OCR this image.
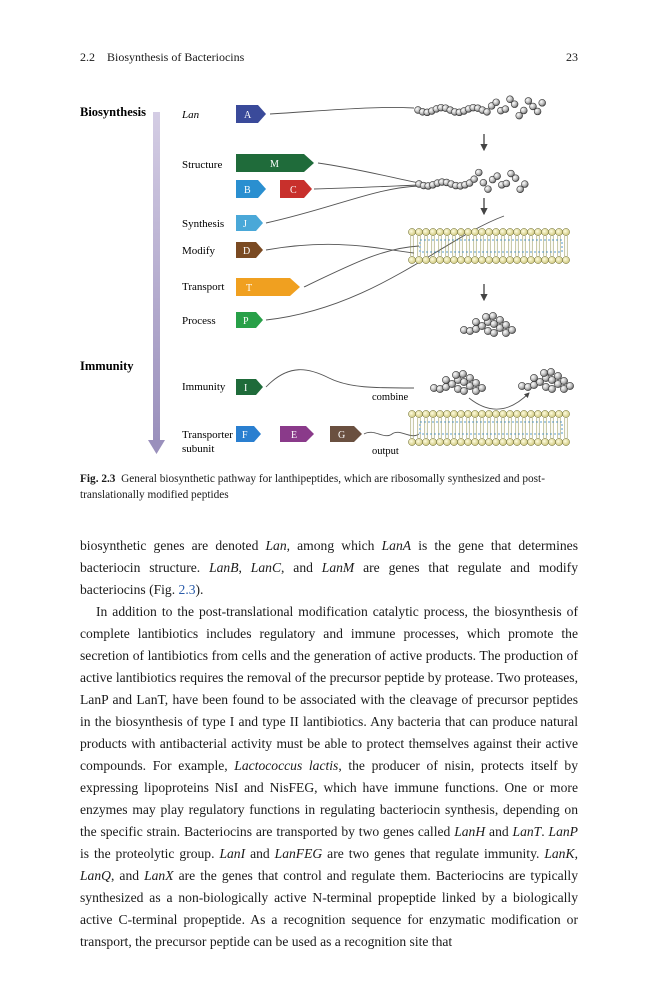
2.2 Biosynthesis of Bacteriocins	23
Biosynthesis
Immunity
Lan
Structure
Synthesis
Modify
Transport
Process
Immunity
Transporter
subunit
A
M
B	C
J
D
T
P
I
F	E	G
combine
output
Fig. 2.3  General biosynthetic pathway for lanthipeptides, which are ribosomally synthesized and post-translationally modified peptides

biosynthetic genes are denoted Lan, among which LanA is the gene that determines bacteriocin structure. LanB, LanC, and LanM are genes that regulate and modify bacteriocins (Fig. 2.3).

In addition to the post-translational modification catalytic process, the biosynthesis of complete lantibiotics includes regulatory and immune processes, which promote the secretion of lantibiotics from cells and the generation of active products. The production of active lantibiotics requires the removal of the precursor peptide by protease. Two proteases, LanP and LanT, have been found to be associated with the cleavage of precursor peptides in the biosynthesis of type I and type II lantibiotics. Any bacteria that can produce natural products with antibacterial activity must be able to protect themselves against their active compounds. For example, Lactococcus lactis, the producer of nisin, protects itself by expressing lipoproteins NisI and NisFEG, which have immune functions. One or more enzymes may play regulatory functions in regulating bacteriocin synthesis, depending on the specific strain. Bacteriocins are transported by two genes called LanH and LanT. LanP is the proteolytic group. LanI and LanFEG are two genes that regulate immunity. LanK, LanQ, and LanX are the genes that control and regulate them. Bacteriocins are typically synthesized as a non-biologically active N-terminal propeptide linked by a biologically active C-terminal propeptide. As a recognition sequence for enzymatic modification or transport, the precursor peptide can be used as a recognition site that
